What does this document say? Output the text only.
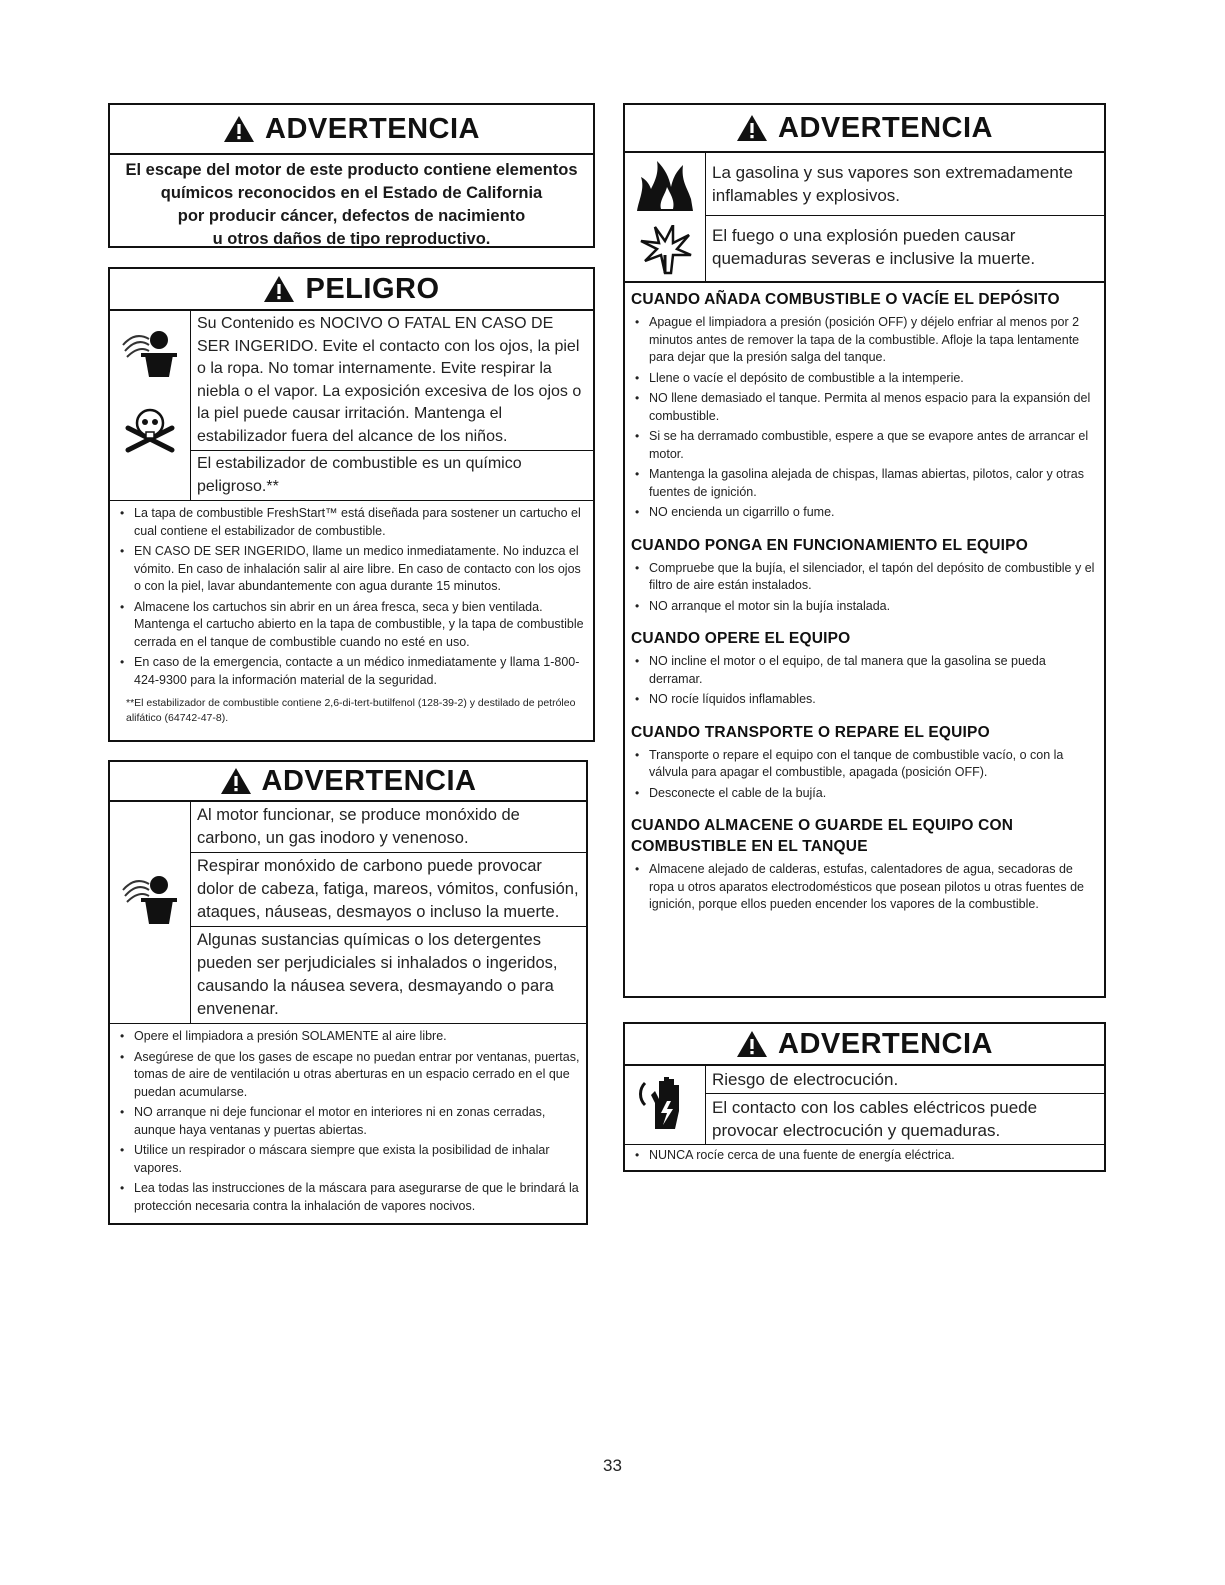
ADVERTENCIA
El escape del motor de este producto contiene elementos
químicos reconocidos en el Estado de California
por producir cáncer, defectos de nacimiento
u otros daños de tipo reproductivo.
PELIGRO
Su Contenido es NOCIVO O FATAL EN CASO DE SER INGERIDO. Evite el contacto con los ojos, la piel o la ropa. No tomar internamente. Evite respirar la niebla o el vapor. La exposición excesiva de los ojos o la piel puede causar irritación. Mantenga el estabilizador fuera del alcance de los niños.
El estabilizador de combustible es un químico peligroso.**
• La tapa de combustible FreshStart™ está diseñada para sostener un cartucho el cual contiene el estabilizador de combustible.
• EN CASO DE SER INGERIDO, llame un medico inmediatamente. No induzca el vómito. En caso de inhalación salir al aire libre. En caso de contacto con los ojos o con la piel, lavar abundantemente con agua durante 15 minutos.
• Almacene los cartuchos sin abrir en un área fresca, seca y bien ventilada. Mantenga el cartucho abierto en la tapa de combustible, y la tapa de combustible cerrada en el tanque de combustible cuando no esté en uso.
• En caso de la emergencia, contacte a un médico inmediatamente y llama 1-800-424-9300 para la información material de la seguridad.
**El estabilizador de combustible contiene 2,6-di-tert-butilfenol (128-39-2) y destilado de petróleo alifático (64742-47-8).
ADVERTENCIA
Al motor funcionar, se produce monóxido de carbono, un gas inodoro y venenoso.
Respirar monóxido de carbono puede provocar dolor de cabeza, fatiga, mareos, vómitos, confusión, ataques, náuseas, desmayos o incluso la muerte.
Algunas sustancias químicas o los detergentes pueden ser perjudiciales si inhalados o ingeridos, causando la náusea severa, desmayando o para envenenar.
• Opere el limpiadora a presión SOLAMENTE al aire libre.
• Asegúrese de que los gases de escape no puedan entrar por ventanas, puertas, tomas de aire de ventilación u otras aberturas en un espacio cerrado en el que puedan acumularse.
• NO arranque ni deje funcionar el motor en interiores ni en zonas cerradas, aunque haya ventanas y puertas abiertas.
• Utilice un respirador o máscara siempre que exista la posibilidad de inhalar vapores.
• Lea todas las instrucciones de la máscara para asegurarse de que le brindará la protección necesaria contra la inhalación de vapores nocivos.
ADVERTENCIA
La gasolina y sus vapores son extremadamente inflamables y explosivos.
El fuego o una explosión pueden causar quemaduras severas e inclusive la muerte.
CUANDO AÑADA COMBUSTIBLE O VACÍE EL DEPÓSITO
• Apague el limpiadora a presión (posición OFF) y déjelo enfriar al menos por 2 minutos antes de remover la tapa de la combustible. Afloje la tapa lentamente para dejar que la presión salga del tanque.
• Llene o vacíe el depósito de combustible a la intemperie.
• NO llene demasiado el tanque. Permita al menos espacio para la expansión del combustible.
• Si se ha derramado combustible, espere a que se evapore antes de arrancar el motor.
• Mantenga la gasolina alejada de chispas, llamas abiertas, pilotos, calor y otras fuentes de ignición.
• NO encienda un cigarrillo o fume.
CUANDO PONGA EN FUNCIONAMIENTO EL EQUIPO
• Compruebe que la bujía, el silenciador, el tapón del depósito de combustible y el filtro de aire están instalados.
• NO arranque el motor sin la bujía instalada.
CUANDO OPERE EL EQUIPO
• NO incline el motor o el equipo, de tal manera que la gasolina se pueda derramar.
• NO rocíe líquidos inflamables.
CUANDO TRANSPORTE O REPARE EL EQUIPO
• Transporte o repare el equipo con el tanque de combustible vacío, o con la válvula para apagar el combustible, apagada (posición OFF).
• Desconecte el cable de la bujía.
CUANDO ALMACENE O GUARDE EL EQUIPO CON COMBUSTIBLE EN EL TANQUE
• Almacene alejado de calderas, estufas, calentadores de agua, secadoras de ropa u otros aparatos electrodomésticos que posean pilotos u otras fuentes de ignición, porque ellos pueden encender los vapores de la combustible.
ADVERTENCIA
Riesgo de electrocución.
El contacto con los cables eléctricos puede provocar electrocución y quemaduras.
• NUNCA rocíe cerca de una fuente de energía eléctrica.
33
